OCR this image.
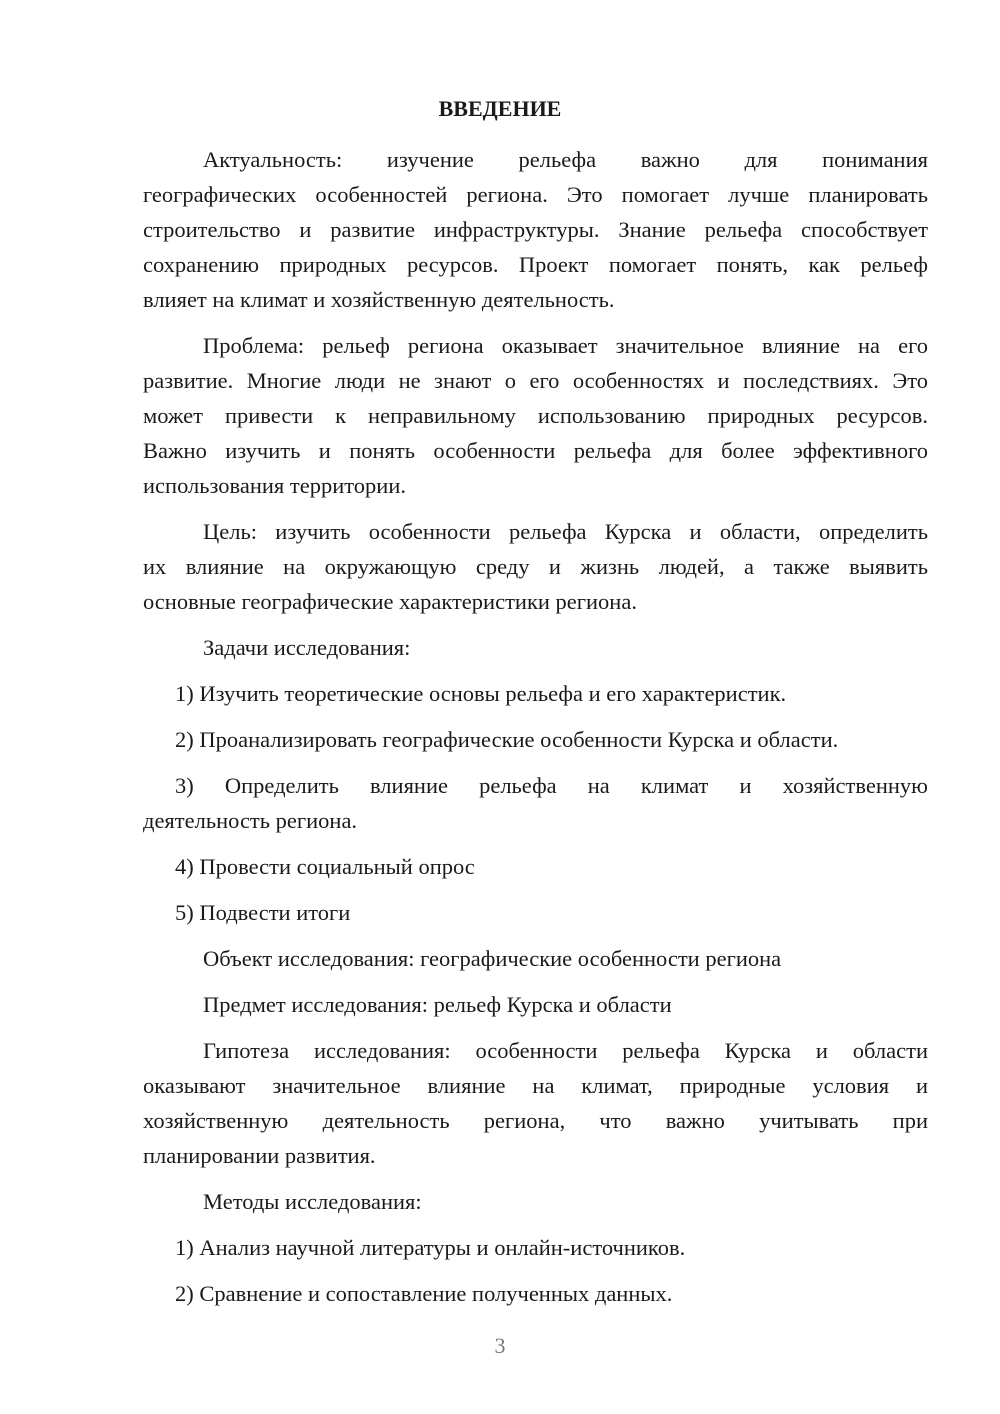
ВВЕДЕНИЕ
Актуальность: изучение рельефа важно для понимания
географических особенностей региона. Это помогает лучше планировать
строительство и развитие инфраструктуры. Знание рельефа способствует
сохранению природных ресурсов. Проект помогает понять, как рельеф
влияет на климат и хозяйственную деятельность.
Проблема: рельеф региона оказывает значительное влияние на его
развитие. Многие люди не знают о его особенностях и последствиях. Это
может привести к неправильному использованию природных ресурсов.
Важно изучить и понять особенности рельефа для более эффективного
использования территории.
Цель: изучить особенности рельефа Курска и области, определить
их влияние на окружающую среду и жизнь людей, а также выявить
основные географические характеристики региона.
Задачи исследования:
1) Изучить теоретические основы рельефа и его характеристик.
2) Проанализировать географические особенности Курска и области.
3) Определить влияние рельефа на климат и хозяйственную
деятельность региона.
4) Провести социальный опрос
5) Подвести итоги
Объект исследования: географические особенности региона
Предмет исследования: рельеф Курска и области
Гипотеза исследования: особенности рельефа Курска и области
оказывают значительное влияние на климат, природные условия и
хозяйственную деятельность региона, что важно учитывать при
планировании развития.
Методы исследования:
1) Анализ научной литературы и онлайн-источников.
2) Сравнение и сопоставление полученных данных.
3
